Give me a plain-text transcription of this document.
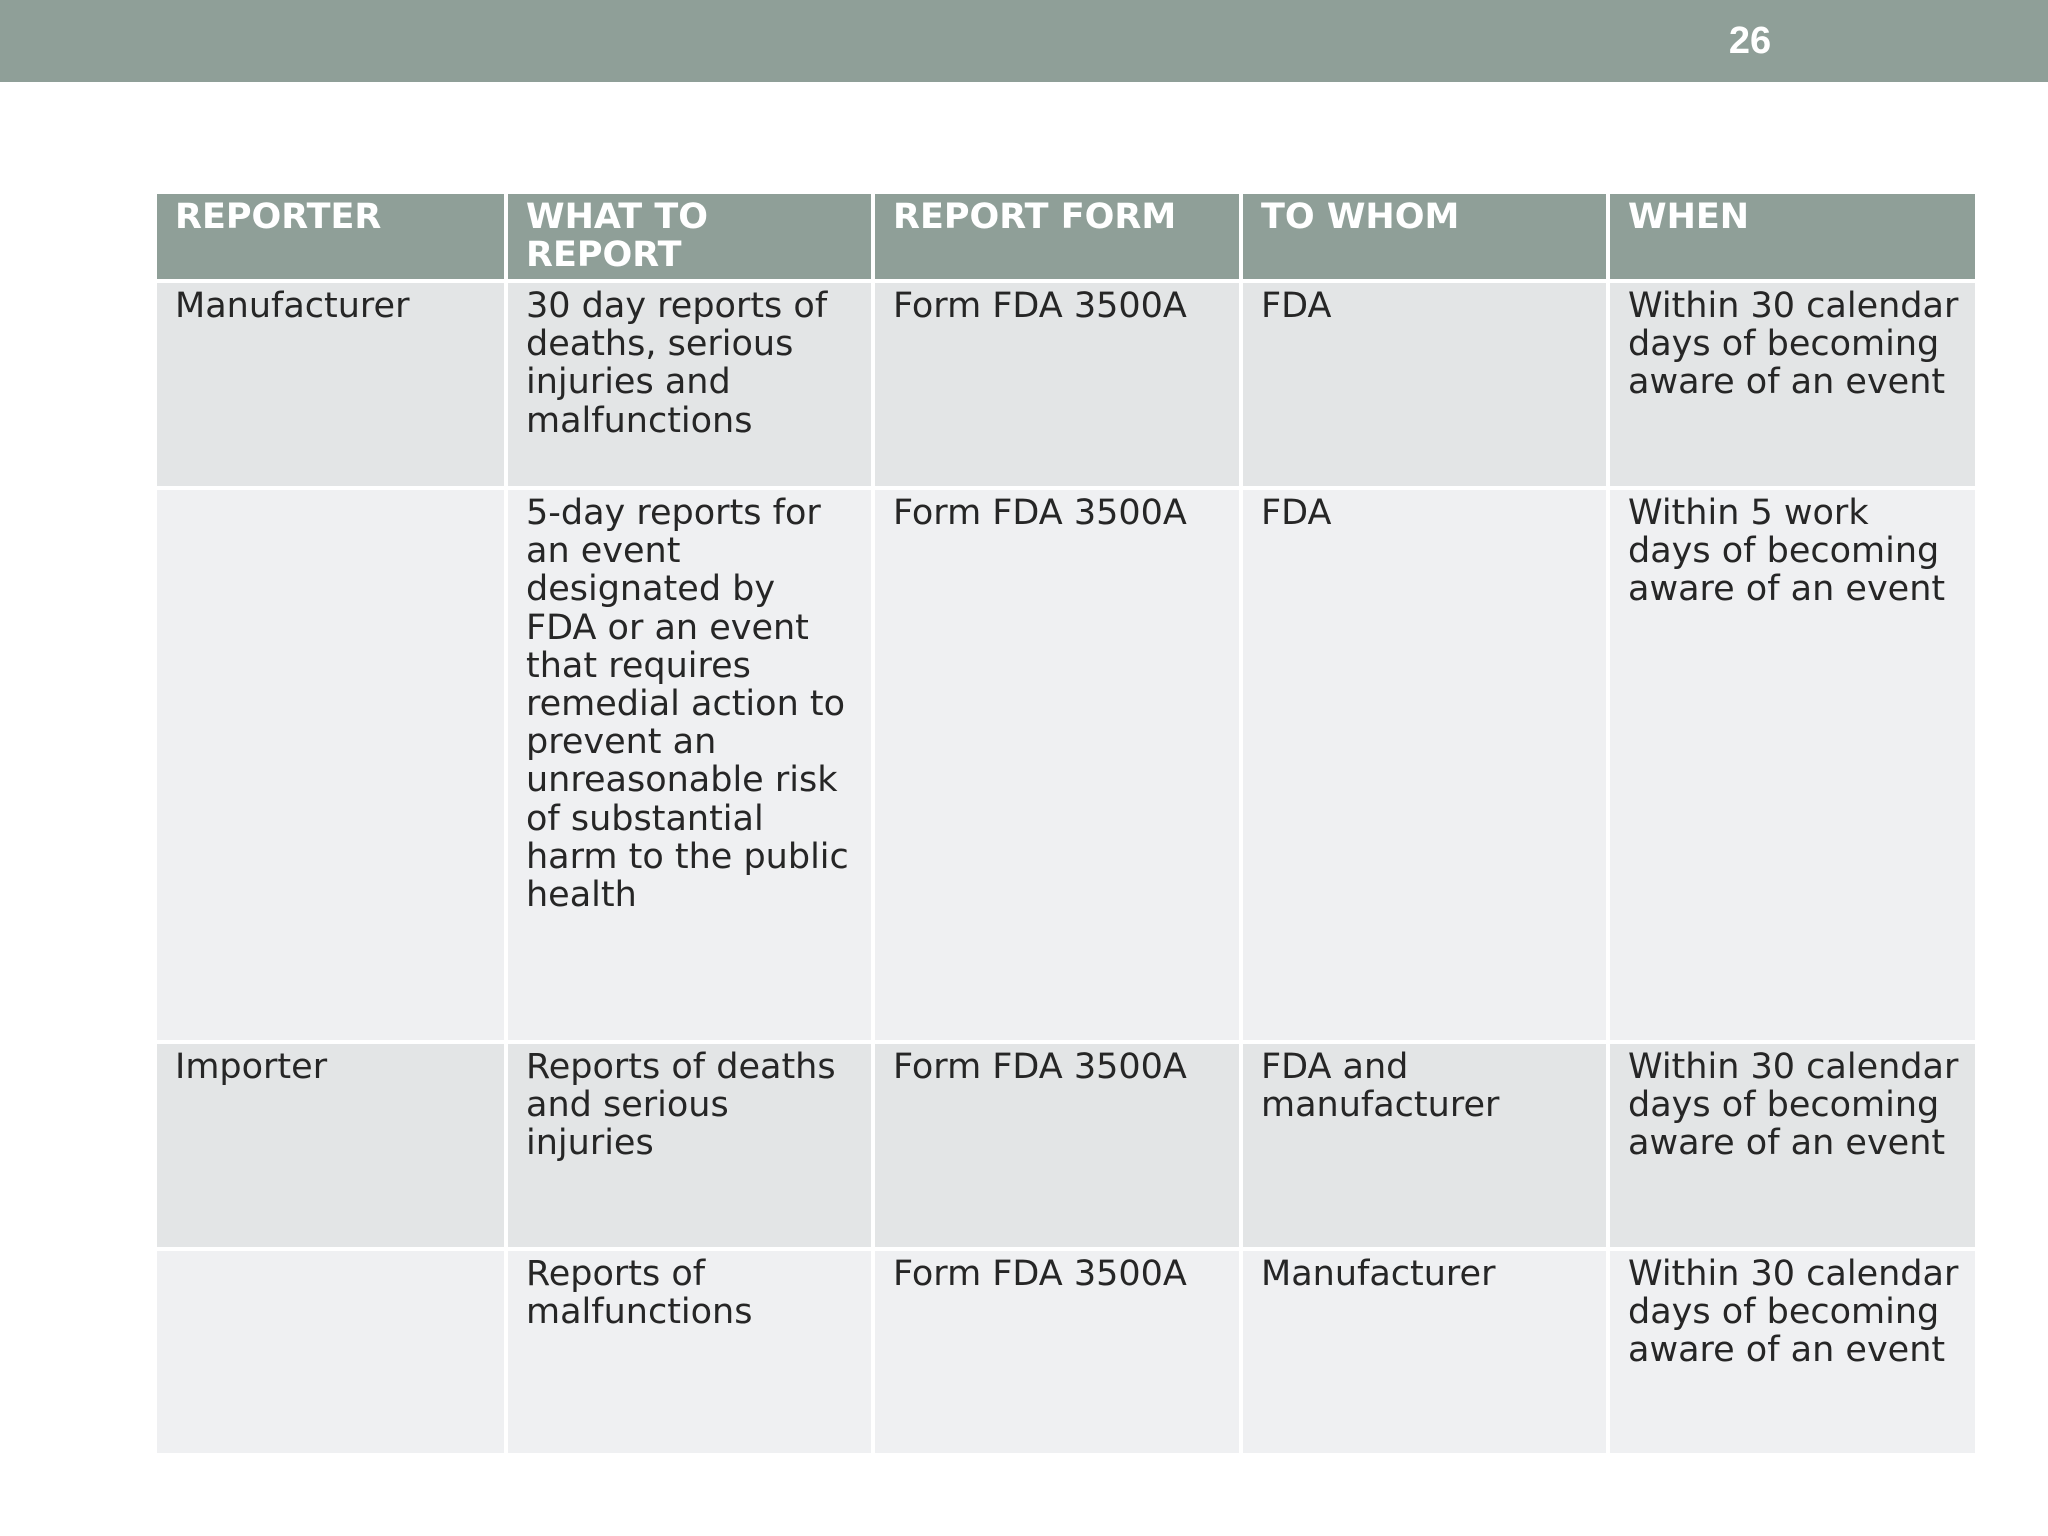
26
REPORTER	WHAT TO REPORT	REPORT FORM	TO WHOM	WHEN
Manufacturer	30 day reports of deaths, serious injuries and malfunctions	Form FDA 3500A	FDA	Within 30 calendar days of becoming aware of an event
	5-day reports for an event designated by FDA or an event that requires remedial action to prevent an unreasonable risk of substantial harm to the public health	Form FDA 3500A	FDA	Within 5 work days of becoming aware of an event
Importer	Reports of deaths and serious injuries	Form FDA 3500A	FDA and manufacturer	Within 30 calendar days of becoming aware of an event
	Reports of malfunctions	Form FDA 3500A	Manufacturer	Within 30 calendar days of becoming aware of an event
